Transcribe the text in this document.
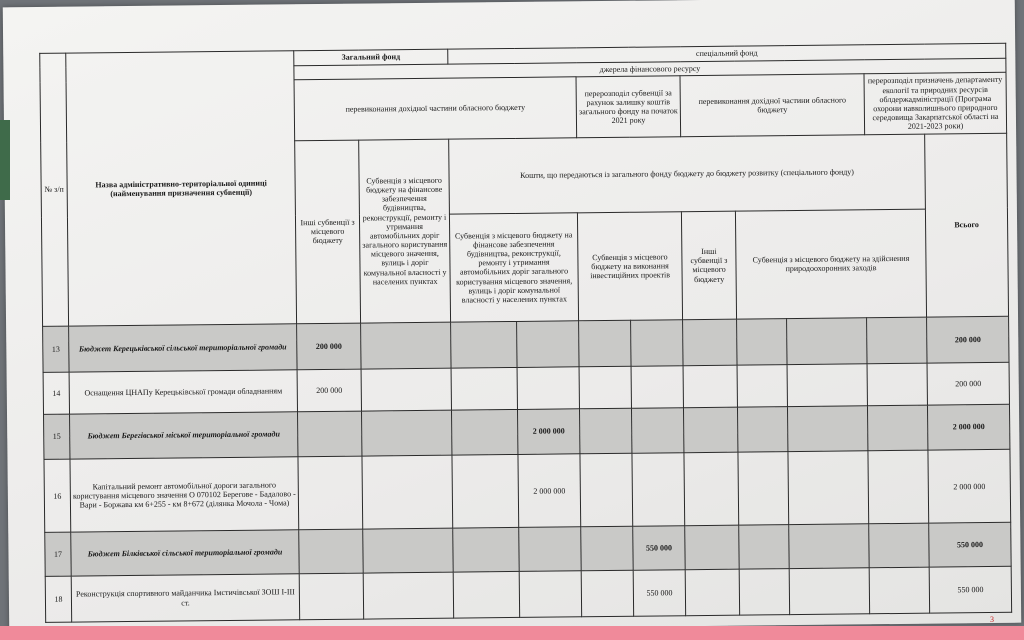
№ з/п	Назва адміністративно-територіальної одиниці (найменування призначення субвенції)	Загальний фонд		спеціальний фонд								
		джерела фінансового ресурсу										
		перевиконання дохідної частини обласного бюджету				перерозподіл субвенції за рахунок залишку коштів загального фонду на початок 2021 року		перевиконання дохідної частини обласного бюджету			перерозподіл призначень департаменту екології та природних ресурсів облдержадміністрації (Програма охорони навколишнього природного середовища Закарпатської області на 2021-2023 роки)	
		Інші субвенції з місцевого бюджету	Субвенція з місцевого бюджету на фінансове забезпечення будівництва, реконструкції, ремонту і утримання автомобільних доріг загального користування місцевого значення, вулиць і доріг комунальної власності у населених пунктах	Кошти, що передаються із загального фонду бюджету до бюджету розвитку (спеціального фонду)								Всього
				Субвенція з місцевого бюджету на фінансове забезпечення будівництва, реконструкції, ремонту і утримання автомобільних доріг загального користування місцевого значення, вулиць і доріг комунальної власності у населених пунктах		Субвенція з місцевого бюджету на виконання інвестиційних проектів		Інші субвенції з місцевого бюджету	Субвенція з місцевого бюджету на здійснення природоохоронних заходів			
13	Бюджет Керецьківської сільської територіальної громади	200 000										200 000
14	Оснащення ЦНАПу Керецьківської громади обладнанням	200 000										200 000
15	Бюджет Берегівської міської територіальної громади				2 000 000							2 000 000
16	Капітальний ремонт автомобільної дороги загального користування місцевого значення О 070102 Берегове - Бадалово - Вари - Боржава км 6+255 - км 8+672 (ділянка Мочола - Чома)				2 000 000							2 000 000
17	Бюджет Білківської сільської територіальної громади						550 000					550 000
18	Реконструкція спортивного майданчика Імстичівської ЗОШ І-ІІІ ст.						550 000					550 000
3
